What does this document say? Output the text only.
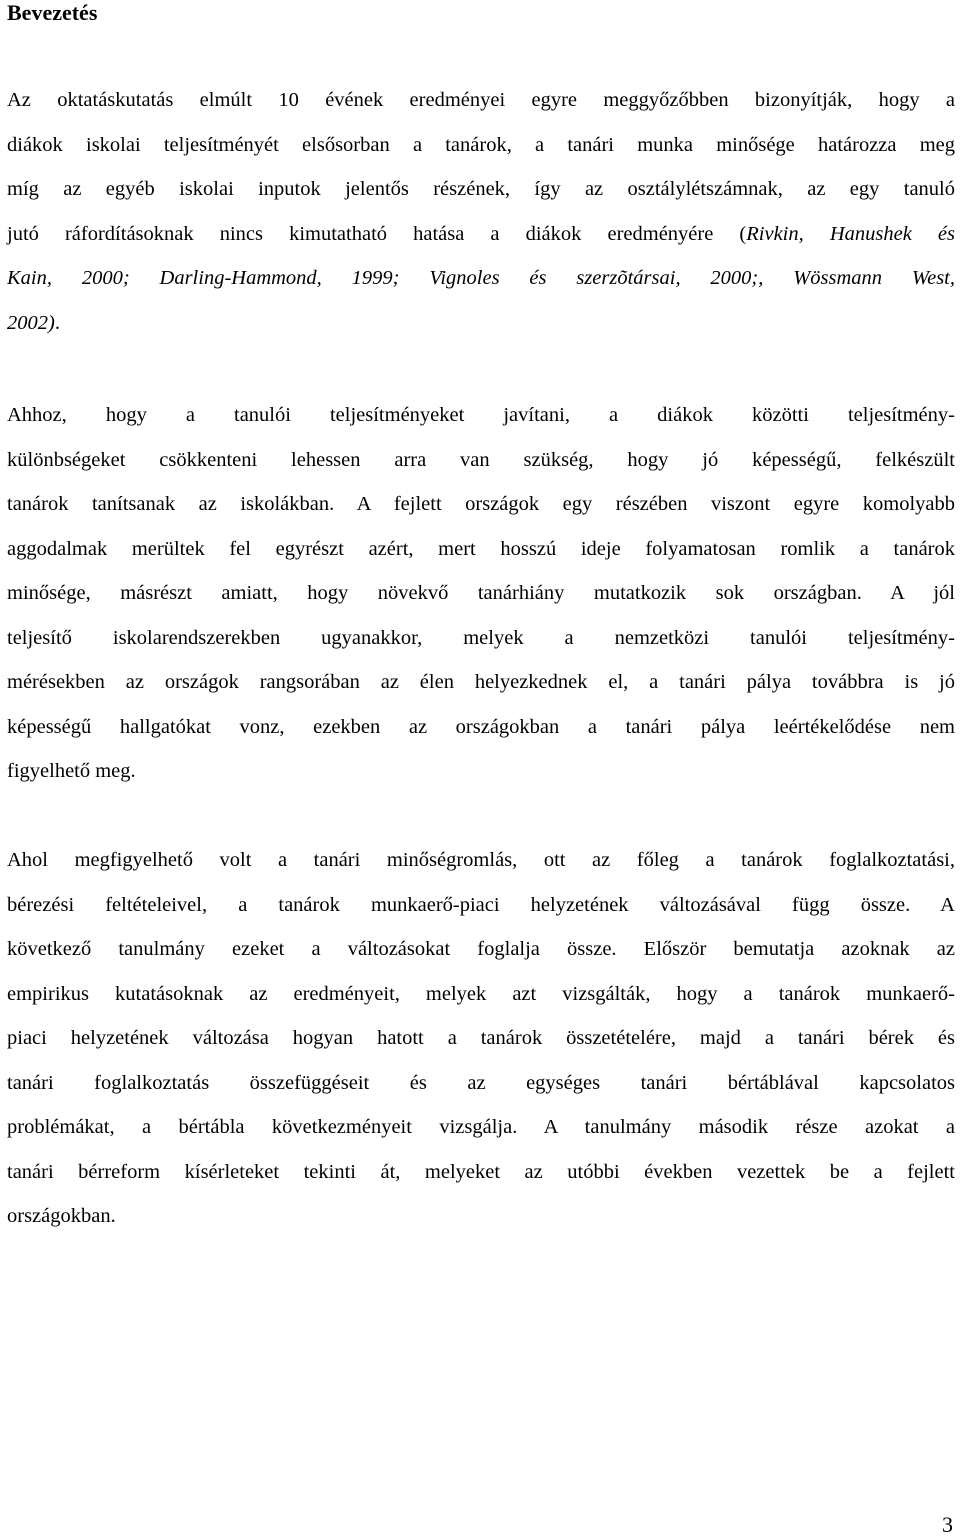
Bevezetés
Az oktatáskutatás elmúlt 10 évének eredményei egyre meggyőzőbben bizonyítják, hogy a
diákok iskolai teljesítményét elsősorban a tanárok, a tanári munka minősége határozza meg
míg az egyéb iskolai inputok jelentős részének, így az osztálylétszámnak, az egy tanuló
jutó ráfordításoknak nincs kimutatható hatása a diákok eredményére (Rivkin, Hanushek és
Kain, 2000; Darling-Hammond, 1999; Vignoles és szerzõtársai, 2000;, Wössmann West,
2002).
Ahhoz, hogy a tanulói teljesítményeket javítani, a diákok közötti teljesítmény-
különbségeket csökkenteni lehessen arra van szükség, hogy jó képességű, felkészült
tanárok tanítsanak az iskolákban. A fejlett országok egy részében viszont egyre komolyabb
aggodalmak merültek fel egyrészt azért, mert hosszú ideje folyamatosan romlik a tanárok
minősége, másrészt amiatt, hogy növekvő tanárhiány mutatkozik sok országban. A jól
teljesítő iskolarendszerekben ugyanakkor, melyek a nemzetközi tanulói teljesítmény-
mérésekben az országok rangsorában az élen helyezkednek el, a tanári pálya továbbra is jó
képességű hallgatókat vonz, ezekben az országokban a tanári pálya leértékelődése nem
figyelhető meg.
Ahol megfigyelhető volt a tanári minőségromlás, ott az főleg a tanárok foglalkoztatási,
bérezési feltételeivel, a tanárok munkaerő-piaci helyzetének változásával függ össze. A
következő tanulmány ezeket a változásokat foglalja össze. Először bemutatja azoknak az
empirikus kutatásoknak az eredményeit, melyek azt vizsgálták, hogy a tanárok munkaerő-
piaci helyzetének változása hogyan hatott a tanárok összetételére, majd a tanári bérek és
tanári foglalkoztatás összefüggéseit és az egységes tanári bértáblával kapcsolatos
problémákat, a bértábla következményeit vizsgálja. A tanulmány második része azokat a
tanári bérreform kísérleteket tekinti át, melyeket az utóbbi években vezettek be a fejlett
országokban.
3
